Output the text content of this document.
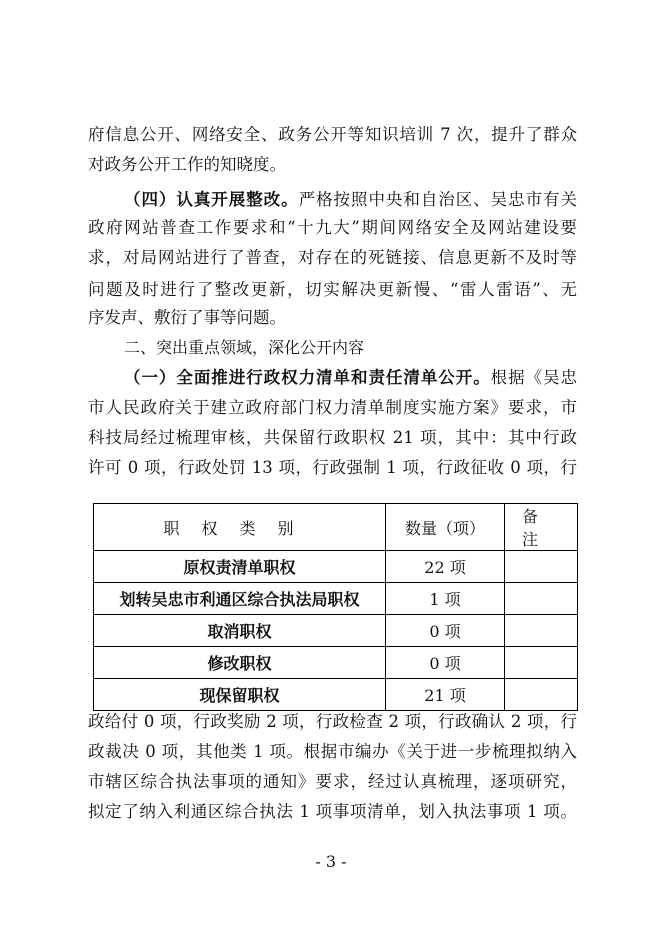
府信息公开、网络安全、政务公开等知识培训 7 次，提升了群众
对政务公开工作的知晓度。
（四）认真开展整改。严格按照中央和自治区、吴忠市有关
政府网站普查工作要求和“十九大”期间网络安全及网站建设要
求，对局网站进行了普查，对存在的死链接、信息更新不及时等
问题及时进行了整改更新，切实解决更新慢、“雷人雷语”、无
序发声、敷衍了事等问题。
二、突出重点领域，深化公开内容
（一）全面推进行政权力清单和责任清单公开。根据《吴忠
市人民政府关于建立政府部门权力清单制度实施方案》要求，市
科技局经过梳理审核，共保留行政职权 21 项，其中：其中行政
许可 0 项，行政处罚 13 项，行政强制 1 项，行政征收 0 项，行
职权类别	数量（项）	备注
原权责清单职权	22 项	
划转吴忠市利通区综合执法局职权	1 项	
取消职权	0 项	
修改职权	0 项	
现保留职权	21 项	
政给付 0 项，行政奖励 2 项，行政检查 2 项，行政确认 2 项，行
政裁决 0 项，其他类 1 项。根据市编办《关于进一步梳理拟纳入
市辖区综合执法事项的通知》要求，经过认真梳理，逐项研究，
拟定了纳入利通区综合执法 1 项事项清单，划入执法事项 1 项。
- 3 -
